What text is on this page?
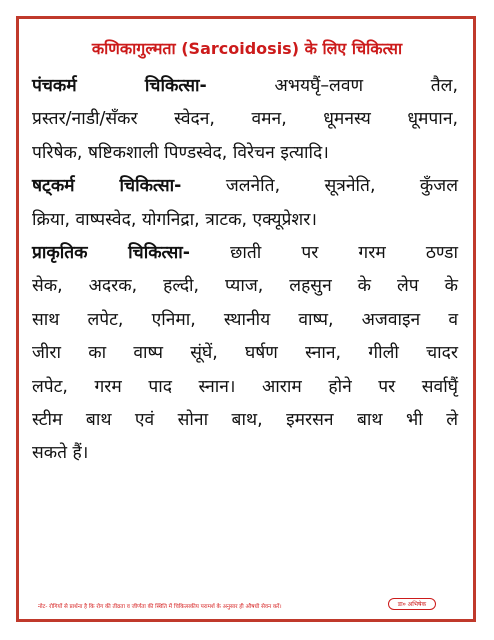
कणिकागुल्मता (Sarcoidosis) के लिए चिकित्सा
पंचकर्म चिकित्सा-	अभयघृैं–लवण तैल,
प्रस्तर/नाडी/सँकर स्वेदन, वमन, धूमनस्य धूमपान,
परिषेक, षष्टिकशाली पिण्डस्वेद, विरेचन इत्यादि।
षट्कर्म चिकित्सा-	जलनेति, सूत्रनेति, कुँजल
क्रिया, वाष्पस्वेद, योगनिद्रा, त्राटक, एक्यूप्रेशर।
प्राकृतिक चिकित्सा- छाती पर गरम ठण्डा
सेक, अदरक, हल्दी, प्याज, लहसुन के लेप के
साथ लपेट, एनिमा, स्थानीय वाष्प, अजवाइन व
जीरा का वाष्प सूंघें, घर्षण स्नान, गीली चादर
लपेट, गरम पाद स्नान। आराम होने पर सर्वाघृैं
स्टीम बाथ एवं सोना बाथ, इमरसन बाथ भी ले
सकते हैं।
नोट- रोगियों से प्रार्थना है कि रोग की तीव्रता व जीर्णता की स्थिति में चिकित्सकीय परामर्श के अनुसार ही औषधी सेवन करें।	डा० अभिषेक
